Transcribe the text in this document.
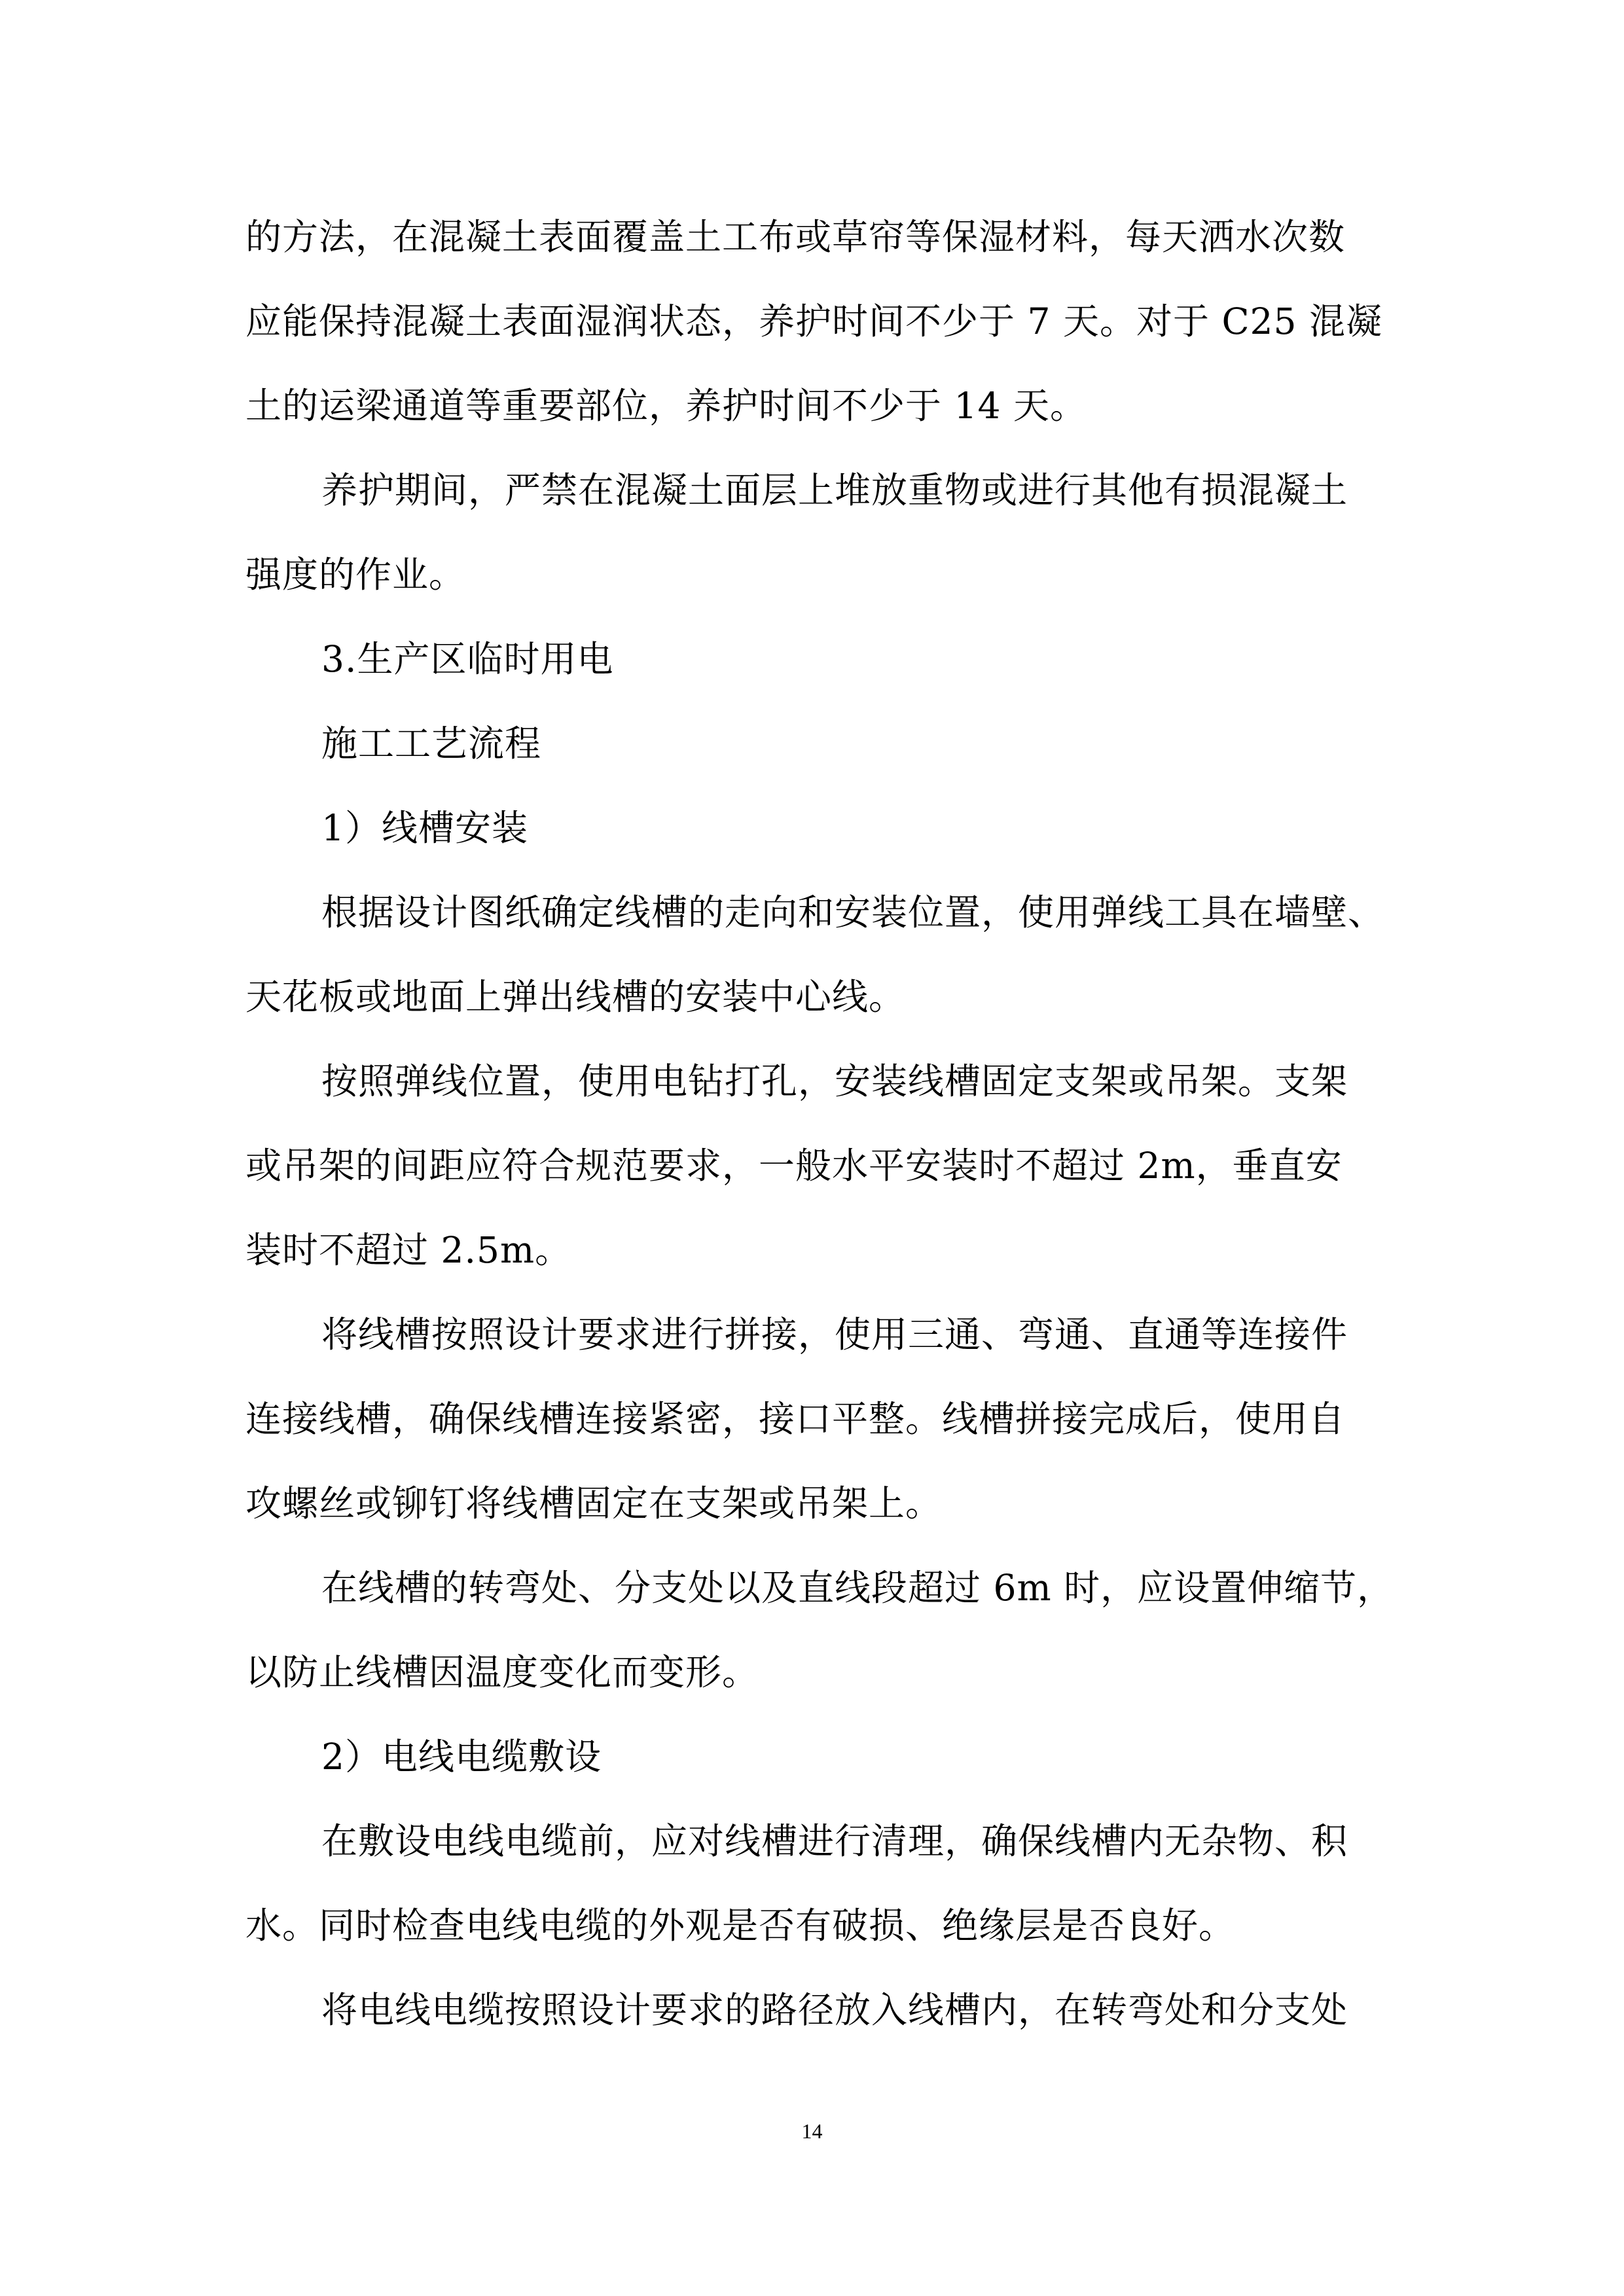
的方法，在混凝土表面覆盖土工布或草帘等保湿材料，每天洒水次数

应能保持混凝土表面湿润状态，养护时间不少于 7 天。对于 C25 混凝

土的运梁通道等重要部位，养护时间不少于 14 天。

养护期间，严禁在混凝土面层上堆放重物或进行其他有损混凝土

强度的作业。

3.生产区临时用电

施工工艺流程

1）线槽安装

根据设计图纸确定线槽的走向和安装位置，使用弹线工具在墙壁、

天花板或地面上弹出线槽的安装中心线。

按照弹线位置，使用电钻打孔，安装线槽固定支架或吊架。支架

或吊架的间距应符合规范要求，一般水平安装时不超过 2m，垂直安

装时不超过 2.5m。

将线槽按照设计要求进行拼接，使用三通、弯通、直通等连接件

连接线槽，确保线槽连接紧密，接口平整。线槽拼接完成后，使用自

攻螺丝或铆钉将线槽固定在支架或吊架上。

在线槽的转弯处、分支处以及直线段超过 6m 时，应设置伸缩节，

以防止线槽因温度变化而变形。

2）电线电缆敷设

在敷设电线电缆前，应对线槽进行清理，确保线槽内无杂物、积

水。同时检查电线电缆的外观是否有破损、绝缘层是否良好。

将电线电缆按照设计要求的路径放入线槽内，在转弯处和分支处

14
